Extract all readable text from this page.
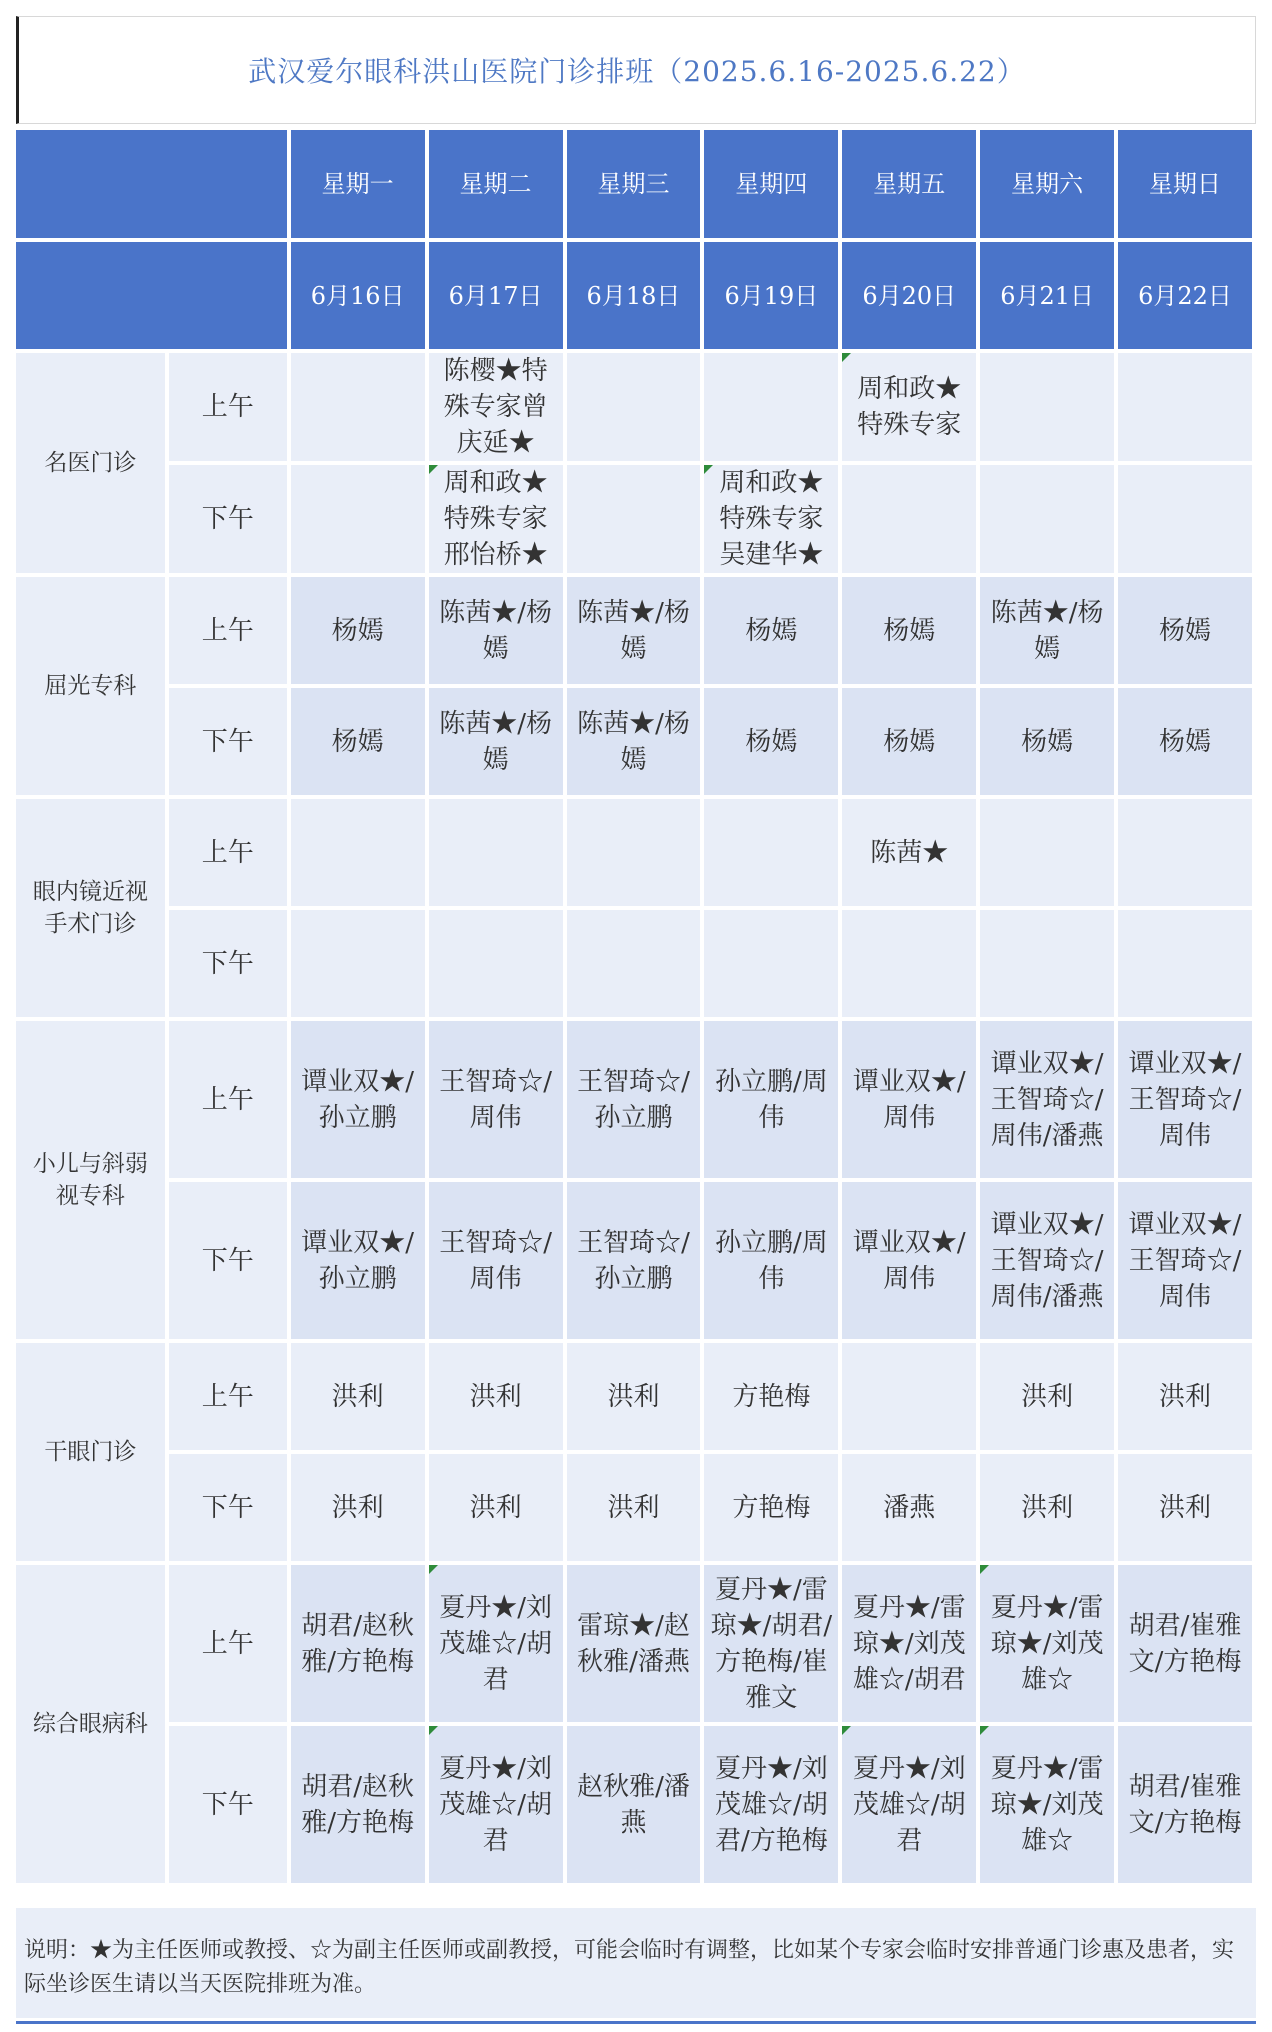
武汉爱尔眼科洪山医院门诊排班（2025.6.16-2025.6.22）
		星期一	星期二	星期三	星期四	星期五	星期六	星期日
		6月16日	6月17日	6月18日	6月19日	6月20日	6月21日	6月22日
名医门诊	上午		陈樱★特殊专家曾庆延★			周和政★特殊专家		
	下午		周和政★特殊专家邢怡桥★		周和政★特殊专家吴建华★			
屈光专科	上午	杨嫣	陈茜★/杨嫣	陈茜★/杨嫣	杨嫣	杨嫣	陈茜★/杨嫣	杨嫣
	下午	杨嫣	陈茜★/杨嫣	陈茜★/杨嫣	杨嫣	杨嫣	杨嫣	杨嫣
眼内镜近视手术门诊	上午					陈茜★		
	下午							
小儿与斜弱视专科	上午	谭业双★/孙立鹏	王智琦☆/周伟	王智琦☆/孙立鹏	孙立鹏/周伟	谭业双★/周伟	谭业双★/王智琦☆/周伟/潘燕	谭业双★/王智琦☆/周伟
	下午	谭业双★/孙立鹏	王智琦☆/周伟	王智琦☆/孙立鹏	孙立鹏/周伟	谭业双★/周伟	谭业双★/王智琦☆/周伟/潘燕	谭业双★/王智琦☆/周伟
干眼门诊	上午	洪利	洪利	洪利	方艳梅		洪利	洪利
	下午	洪利	洪利	洪利	方艳梅	潘燕	洪利	洪利
综合眼病科	上午	胡君/赵秋雅/方艳梅	夏丹★/刘茂雄☆/胡君	雷琼★/赵秋雅/潘燕	夏丹★/雷琼★/胡君/方艳梅/崔雅文	夏丹★/雷琼★/刘茂雄☆/胡君	夏丹★/雷琼★/刘茂雄☆	胡君/崔雅文/方艳梅
	下午	胡君/赵秋雅/方艳梅	夏丹★/刘茂雄☆/胡君	赵秋雅/潘燕	夏丹★/刘茂雄☆/胡君/方艳梅	夏丹★/刘茂雄☆/胡君	夏丹★/雷琼★/刘茂雄☆	胡君/崔雅文/方艳梅
说明：★为主任医师或教授、☆为副主任医师或副教授，可能会临时有调整，比如某个专家会临时安排普通门诊惠及患者，实际坐诊医生请以当天医院排班为准。
